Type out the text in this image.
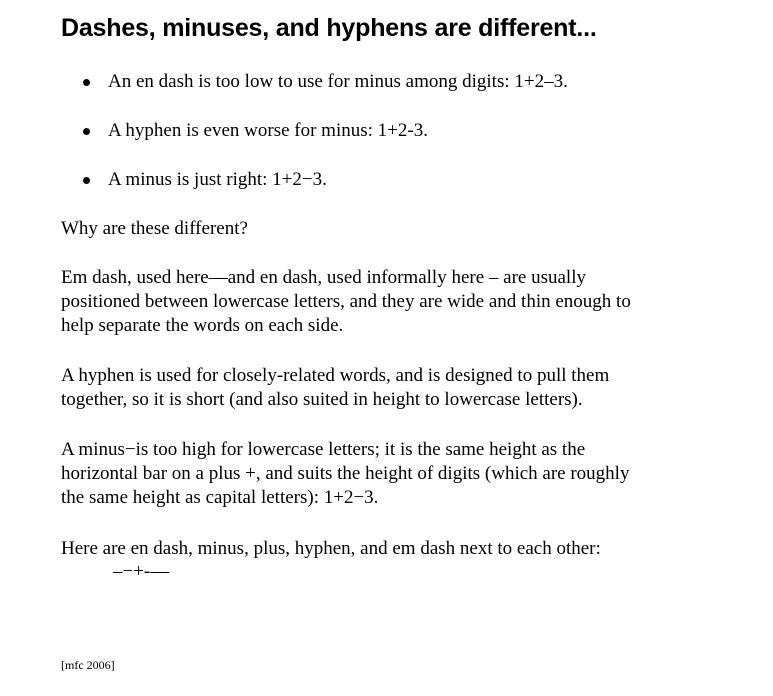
Dashes, minuses, and hyphens are different...
An en dash is too low to use for minus among digits: 1+2–3.
A hyphen is even worse for minus: 1+2-3.
A minus is just right: 1+2−3.

Why are these different?

Em dash, used here—and en dash, used informally here – are usually
positioned between lowercase letters, and they are wide and thin enough to
help separate the words on each side.

A hyphen is used for closely-related words, and is designed to pull them
together, so it is short (and also suited in height to lowercase letters).

A minus−is too high for lowercase letters; it is the same height as the
horizontal bar on a plus +, and suits the height of digits (which are roughly
the same height as capital letters): 1+2−3.

Here are en dash, minus, plus, hyphen, and em dash next to each other:

–−+-—

[mfc 2006]
